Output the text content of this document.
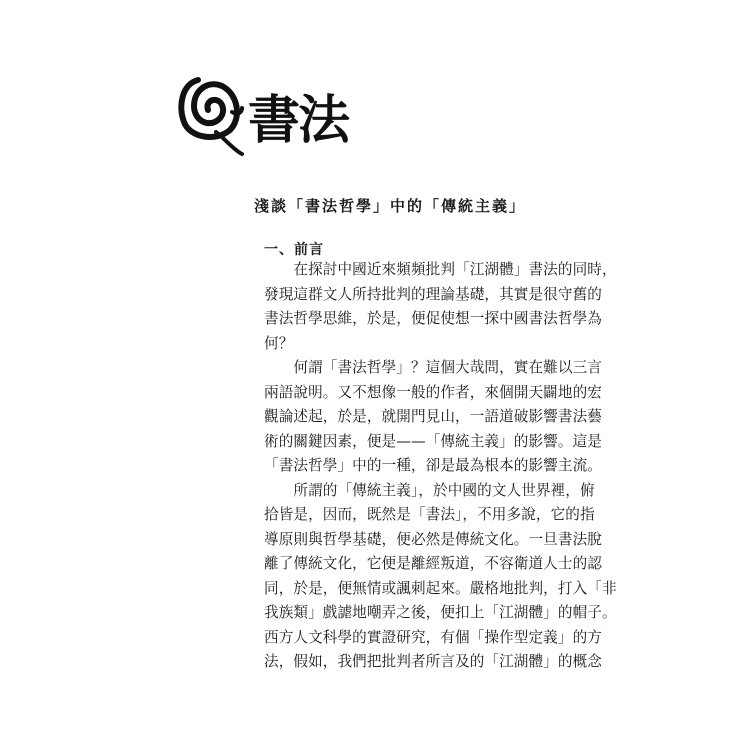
書法
淺談「書法哲學」中的「傳統主義」
一、前言
　　在探討中國近來頻頻批判「江湖體」書法的同時，
發現這群文人所持批判的理論基礎，其實是很守舊的
書法哲學思維，於是，便促使想一探中國書法哲學為
何？
　　何謂「書法哲學」？這個大哉問，實在難以三言
兩語說明。又不想像一般的作者，來個開天闢地的宏
觀論述起，於是，就開門見山，一語道破影響書法藝
術的關鍵因素，便是——「傳統主義」的影響。這是
「書法哲學」中的一種，卻是最為根本的影響主流。
　　所謂的「傳統主義」，於中國的文人世界裡，俯
拾皆是，因而，既然是「書法」，不用多說，它的指
導原則與哲學基礎，便必然是傳統文化。一旦書法脫
離了傳統文化，它便是離經叛道，不容衛道人士的認
同，於是，便無情或諷刺起來。嚴格地批判，打入「非
我族類」戲謔地嘲弄之後，便扣上「江湖體」的帽子。
西方人文科學的實證研究，有個「操作型定義」的方
法，假如，我們把批判者所言及的「江湖體」的概念
